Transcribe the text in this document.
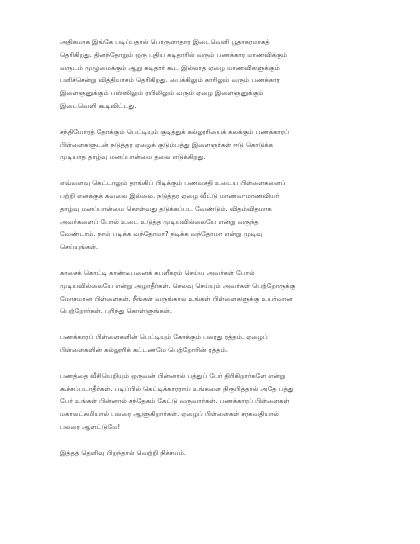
அதிகமாக இங்கே படிப்பதால் பொருளாதார இடைவெளி பூதாகரமாகத்
தெரிகிறது. தினந்தோறும் ஒரு புதிய சுடிதாரில் வரும் பணக்கார மாணவிக்கும்
வருடம் முழுமைக்கும் ஆறு சுடிதார் கூட இல்லாத ஏழை மாணவிகளுக்கும்
பளிச்சென்று வித்தியாசம் தெரிகிறது. பைக்கிலும் காரிலும் வரும் பணக்கார
இளைஞனுக்கும் பஸ்ஸிலும் ரயிலிலும் வரும் ஏழை இளைஞனுக்கும்
இடைவெளி கூடிவிட்டது.

சந்தியோரத் தோக்கும் பெட்டியும் குடித்துக் கல்லூரியைக் கலக்கும் பணக்காரப்
பிள்ளைகளுடன் நடுத்தர ஏழைக் குடும்பத்து இளைஞர்கள் ஈடு கொடுக்க
முடியாத தாழ்வு மனப்பான்மை தலை எடுக்கிறது.

எவ்வளவு கெட்டாலும் தாங்கிப் பிடிக்கும் பணவசதி உடைய பிள்ளைகளைப்
பற்றி எனக்குக் கவலை இல்லை. நடுத்தர ஏழை வீட்டு மாணவ-மாணவியர்
தாழ்வு மனப்பான்மை கொள்வது தடுக்கப்பட வேண்டும். விதம்விதமாக
அவர்களைப் போல் உடை உடுத்த முடியவில்லையே என்று வருந்த
வேண்டாம். நாம் படிக்க வந்தோமா? நடிக்க வந்தோமா என்று முடிவு
செய்யுங்கள்.

காசைக் கொட்டி காண்டீபனைக் கபளீகரம் செய்ய அவர்கள் போல்
முடியவில்லையே என்று அழாதீர்கள். செலவு செய்யும் அவர்கள் பெற்றோருக்கு
மோசமான பிள்ளைகள். நீங்கள் வருங்கால உங்கள் பிள்ளைகளுக்கு உயர்வான
பெற்றோர்கள். புரிந்து கொள்ளுங்கள்.

பணக்காரப் பிள்ளைகளின் பெட்டியும் கோக்கும் பலரது ரத்தம். ஏழைப்
பிள்ளைகளின் கல்லூரிக் கட்டணமே பெற்றோரின் ரத்தம்.

பணத்தை வீசியெறியும் ஒருவன் பின்னால் பத்துப் பேர் திரிகிறார்களே என்று
கூச்சப்படாதீர்கள். படிப்பில் கெட்டிக்காரராய் உங்களை நிரூபித்தால் அதே பத்து
பேர் உங்கள் பின்னால் சந்தேகம் கேட்டு வருவார்கள். பணக்காரப் பிள்ளைகள்
மகாலட்சுமியால் பலரை ஆளுகிறார்கள். ஏழைப் பிள்ளைகள் சரசுவதியால்
பலரை ஆளட்டுமே!

இத்தத் தெளிவு பிறந்தால் வெற்றி நிச்சயம்.
